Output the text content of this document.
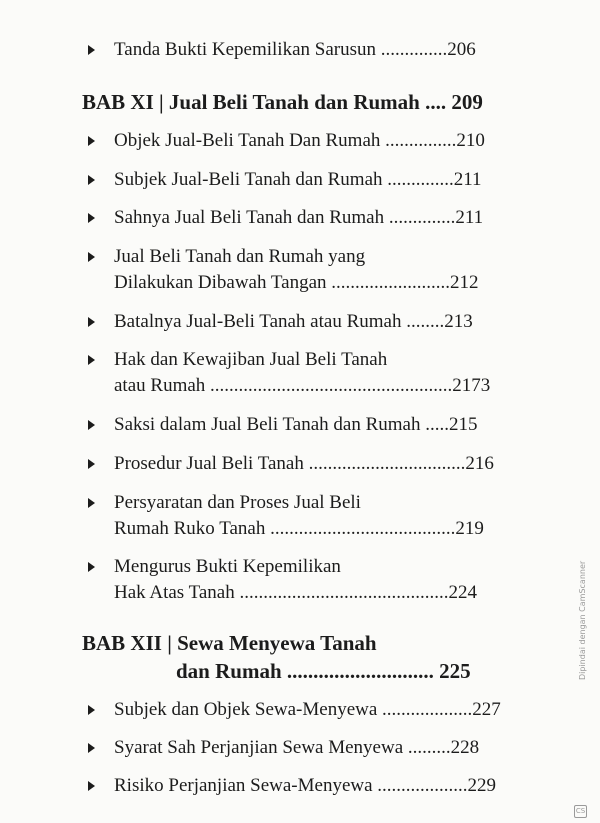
Tanda Bukti Kepemilikan Sarusun ..............206
BAB XI | Jual Beli Tanah dan Rumah .... 209
Objek Jual-Beli Tanah Dan Rumah ...............210
Subjek Jual-Beli Tanah dan Rumah ..............211
Sahnya Jual Beli Tanah dan Rumah ..............211
Jual Beli Tanah dan Rumah yang
Dilakukan Dibawah Tangan .........................212
Batalnya Jual-Beli Tanah atau Rumah ........213
Hak dan Kewajiban Jual Beli Tanah
atau Rumah ...................................................2173
Saksi dalam Jual Beli Tanah dan Rumah .....215
Prosedur Jual Beli Tanah .................................216
Persyaratan dan Proses Jual Beli
Rumah Ruko Tanah .......................................219
Mengurus Bukti Kepemilikan
Hak Atas Tanah ............................................224
BAB XII | Sewa Menyewa Tanah
dan Rumah ............................ 225
Subjek dan Objek Sewa-Menyewa ...................227
Syarat Sah Perjanjian Sewa Menyewa .........228
Risiko Perjanjian Sewa-Menyewa ...................229
Dipindai dengan CamScanner
CS
